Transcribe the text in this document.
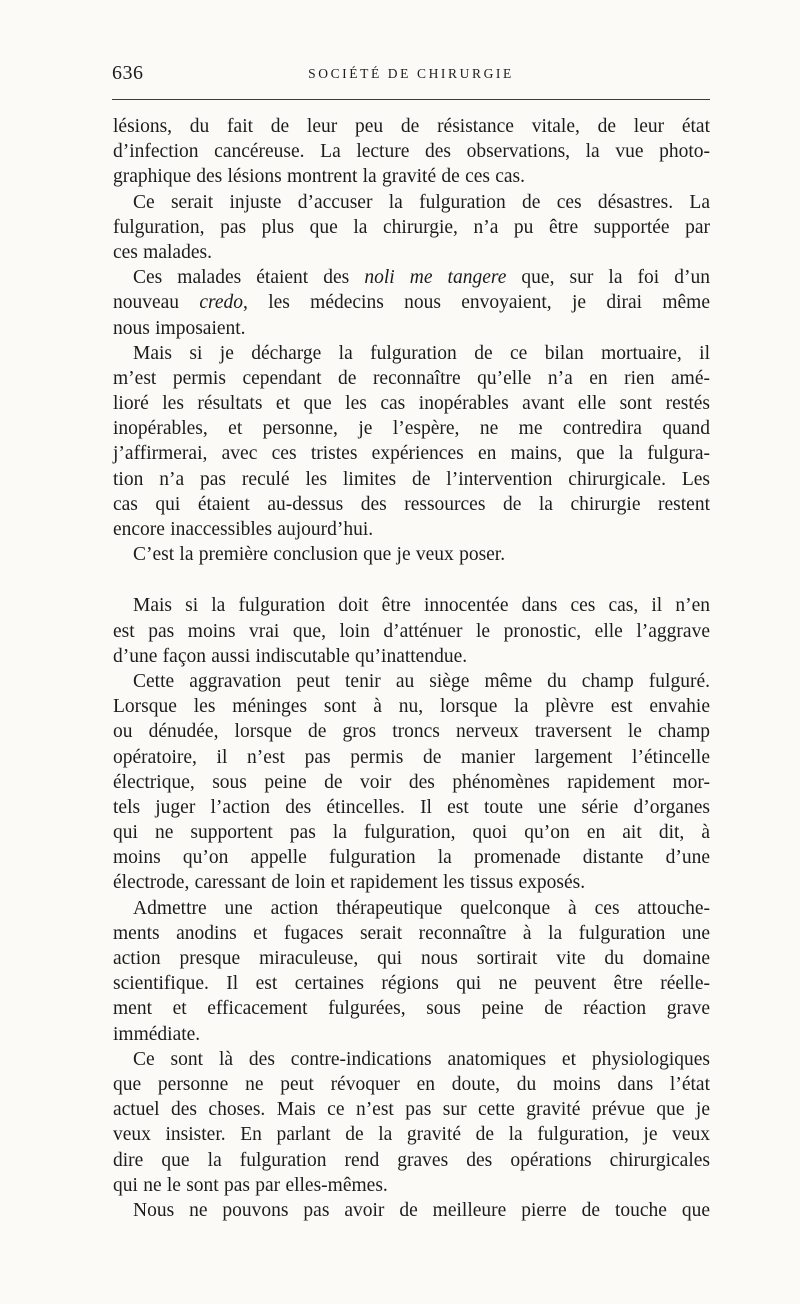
636	SOCIÉTÉ DE CHIRURGIE
lésions, du fait de leur peu de résistance vitale, de leur état
d’infection cancéreuse. La lecture des observations, la vue photo-
graphique des lésions montrent la gravité de ces cas.
Ce serait injuste d’accuser la fulguration de ces désastres. La
fulguration, pas plus que la chirurgie, n’a pu être supportée par
ces malades.
Ces malades étaient des noli me tangere que, sur la foi d’un
nouveau credo, les médecins nous envoyaient, je dirai même
nous imposaient.
Mais si je décharge la fulguration de ce bilan mortuaire, il
m’est permis cependant de reconnaître qu’elle n’a en rien amé-
lioré les résultats et que les cas inopérables avant elle sont restés
inopérables, et personne, je l’espère, ne me contredira quand
j’affirmerai, avec ces tristes expériences en mains, que la fulgura-
tion n’a pas reculé les limites de l’intervention chirurgicale. Les
cas qui étaient au-dessus des ressources de la chirurgie restent
encore inaccessibles aujourd’hui.
C’est la première conclusion que je veux poser.
Mais si la fulguration doit être innocentée dans ces cas, il n’en
est pas moins vrai que, loin d’atténuer le pronostic, elle l’aggrave
d’une façon aussi indiscutable qu’inattendue.
Cette aggravation peut tenir au siège même du champ fulguré.
Lorsque les méninges sont à nu, lorsque la plèvre est envahie
ou dénudée, lorsque de gros troncs nerveux traversent le champ
opératoire, il n’est pas permis de manier largement l’étincelle
électrique, sous peine de voir des phénomènes rapidement mor-
tels juger l’action des étincelles. Il est toute une série d’organes
qui ne supportent pas la fulguration, quoi qu’on en ait dit, à
moins qu’on appelle fulguration la promenade distante d’une
électrode, caressant de loin et rapidement les tissus exposés.
Admettre une action thérapeutique quelconque à ces attouche-
ments anodins et fugaces serait reconnaître à la fulguration une
action presque miraculeuse, qui nous sortirait vite du domaine
scientifique. Il est certaines régions qui ne peuvent être réelle-
ment et efficacement fulgurées, sous peine de réaction grave
immédiate.
Ce sont là des contre-indications anatomiques et physiologiques
que personne ne peut révoquer en doute, du moins dans l’état
actuel des choses. Mais ce n’est pas sur cette gravité prévue que je
veux insister. En parlant de la gravité de la fulguration, je veux
dire que la fulguration rend graves des opérations chirurgicales
qui ne le sont pas par elles-mêmes.
Nous ne pouvons pas avoir de meilleure pierre de touche que
